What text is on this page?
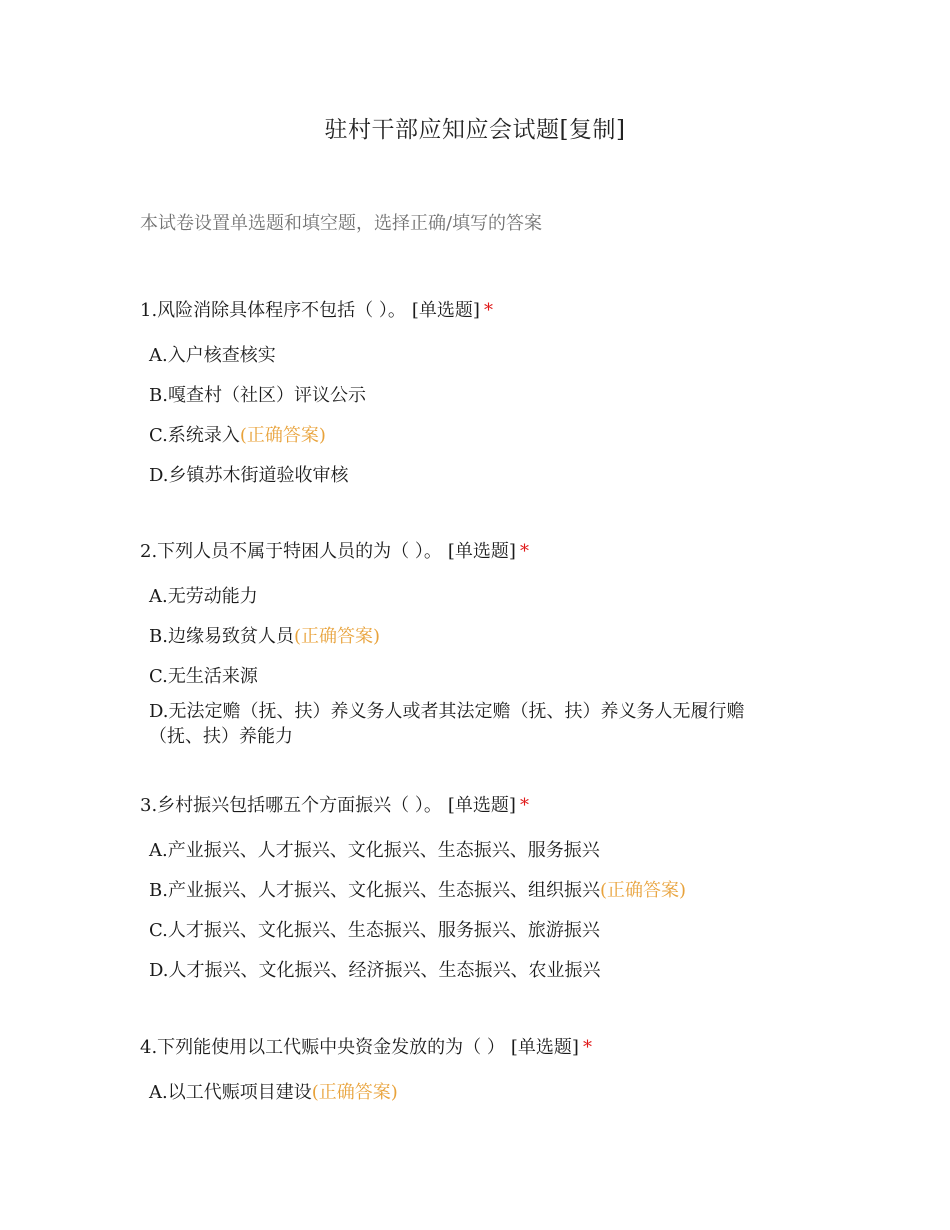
驻村干部应知应会试题[复制]
本试卷设置单选题和填空题，选择正确/填写的答案
1.风险消除具体程序不包括（ ）。 [单选题] *
A.入户核查核实
B.嘎查村（社区）评议公示
C.系统录入(正确答案)
D.乡镇苏木街道验收审核
2.下列人员不属于特困人员的为（ ）。 [单选题] *
A.无劳动能力
B.边缘易致贫人员(正确答案)
C.无生活来源
D.无法定赡（抚、扶）养义务人或者其法定赡（抚、扶）养义务人无履行赡（抚、扶）养能力
3.乡村振兴包括哪五个方面振兴（ ）。 [单选题] *
A.产业振兴、人才振兴、文化振兴、生态振兴、服务振兴
B.产业振兴、人才振兴、文化振兴、生态振兴、组织振兴(正确答案)
C.人才振兴、文化振兴、生态振兴、服务振兴、旅游振兴
D.人才振兴、文化振兴、经济振兴、生态振兴、农业振兴
4.下列能使用以工代赈中央资金发放的为（ ） [单选题] *
A.以工代赈项目建设(正确答案)
